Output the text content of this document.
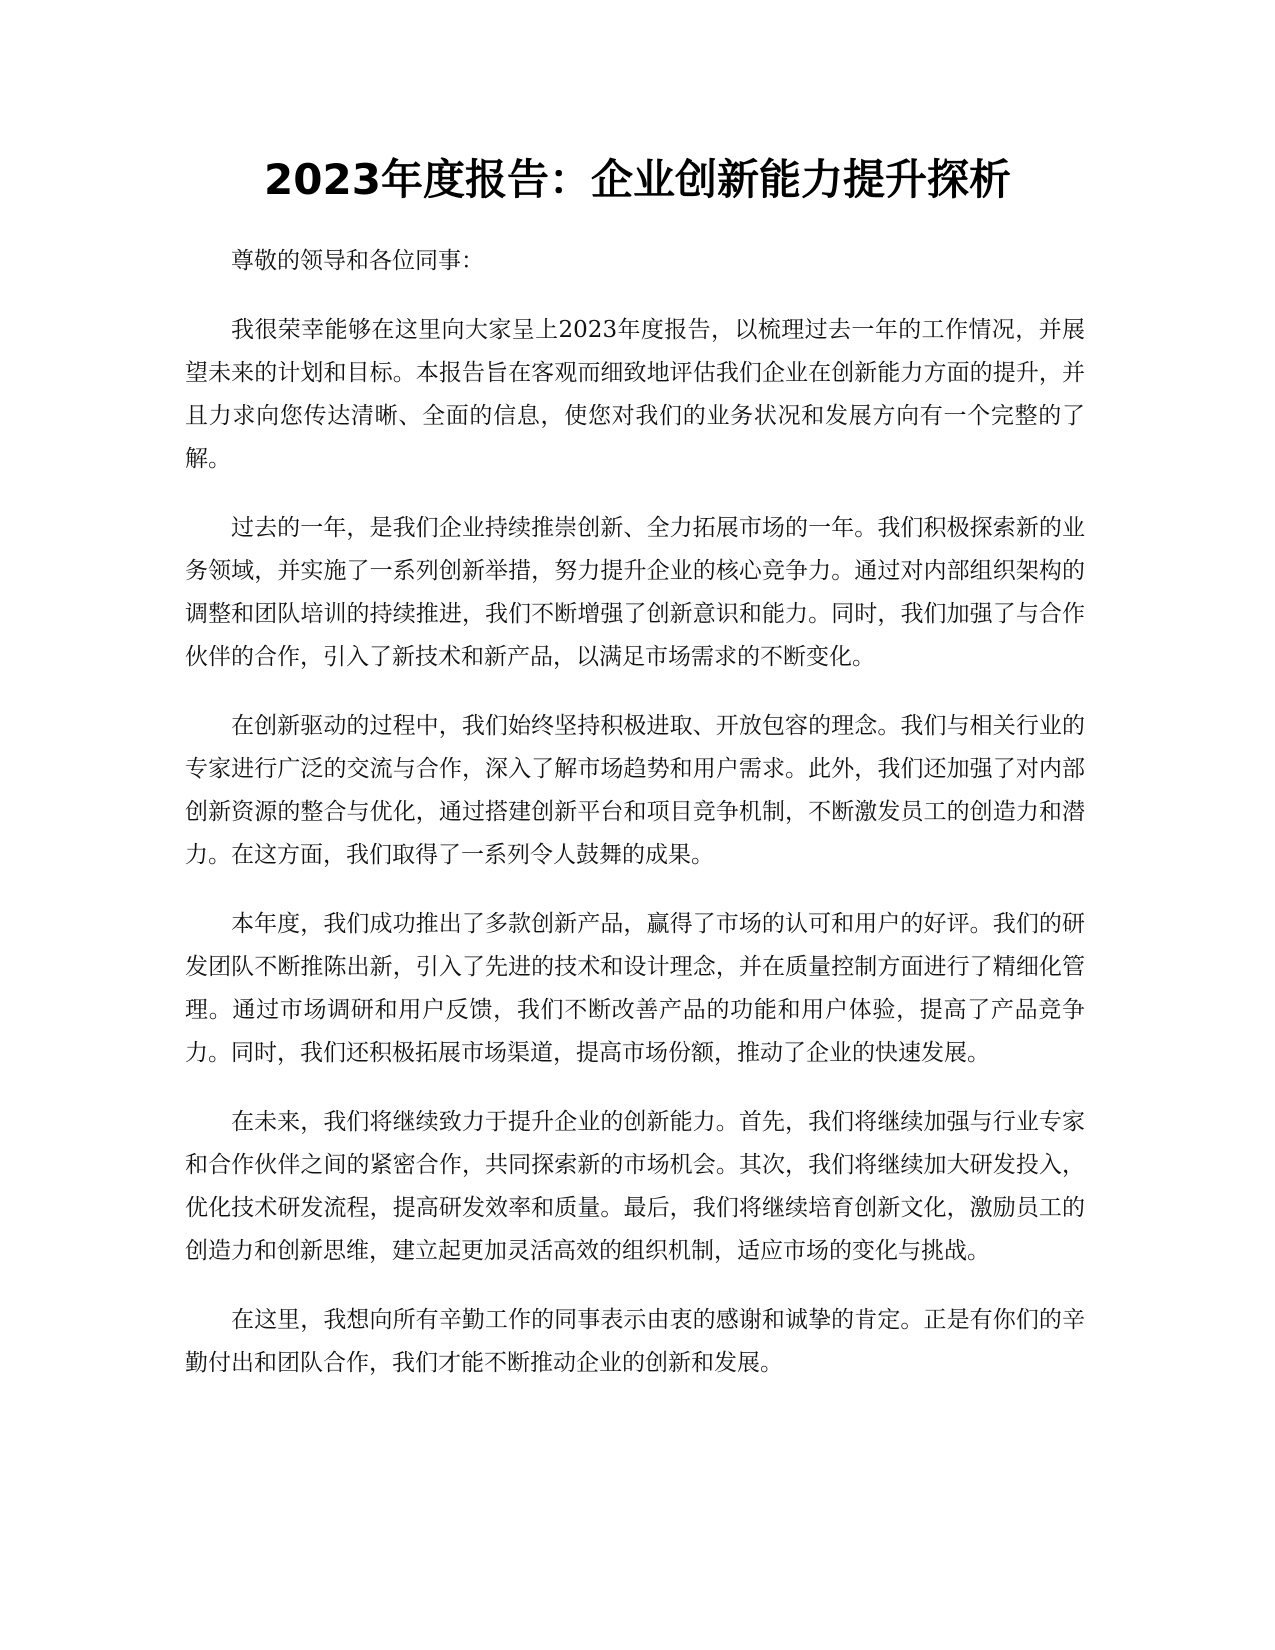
2023年度报告：企业创新能力提升探析

尊敬的领导和各位同事：

我很荣幸能够在这里向大家呈上2023年度报告，以梳理过去一年的工作情况，并展望未来的计划和目标。本报告旨在客观而细致地评估我们企业在创新能力方面的提升，并且力求向您传达清晰、全面的信息，使您对我们的业务状况和发展方向有一个完整的了解。

过去的一年，是我们企业持续推崇创新、全力拓展市场的一年。我们积极探索新的业务领域，并实施了一系列创新举措，努力提升企业的核心竞争力。通过对内部组织架构的调整和团队培训的持续推进，我们不断增强了创新意识和能力。同时，我们加强了与合作伙伴的合作，引入了新技术和新产品，以满足市场需求的不断变化。

在创新驱动的过程中，我们始终坚持积极进取、开放包容的理念。我们与相关行业的专家进行广泛的交流与合作，深入了解市场趋势和用户需求。此外，我们还加强了对内部创新资源的整合与优化，通过搭建创新平台和项目竞争机制，不断激发员工的创造力和潜力。在这方面，我们取得了一系列令人鼓舞的成果。

本年度，我们成功推出了多款创新产品，赢得了市场的认可和用户的好评。我们的研发团队不断推陈出新，引入了先进的技术和设计理念，并在质量控制方面进行了精细化管理。通过市场调研和用户反馈，我们不断改善产品的功能和用户体验，提高了产品竞争力。同时，我们还积极拓展市场渠道，提高市场份额，推动了企业的快速发展。

在未来，我们将继续致力于提升企业的创新能力。首先，我们将继续加强与行业专家和合作伙伴之间的紧密合作，共同探索新的市场机会。其次，我们将继续加大研发投入，优化技术研发流程，提高研发效率和质量。最后，我们将继续培育创新文化，激励员工的创造力和创新思维，建立起更加灵活高效的组织机制，适应市场的变化与挑战。

在这里，我想向所有辛勤工作的同事表示由衷的感谢和诚挚的肯定。正是有你们的辛勤付出和团队合作，我们才能不断推动企业的创新和发展。
